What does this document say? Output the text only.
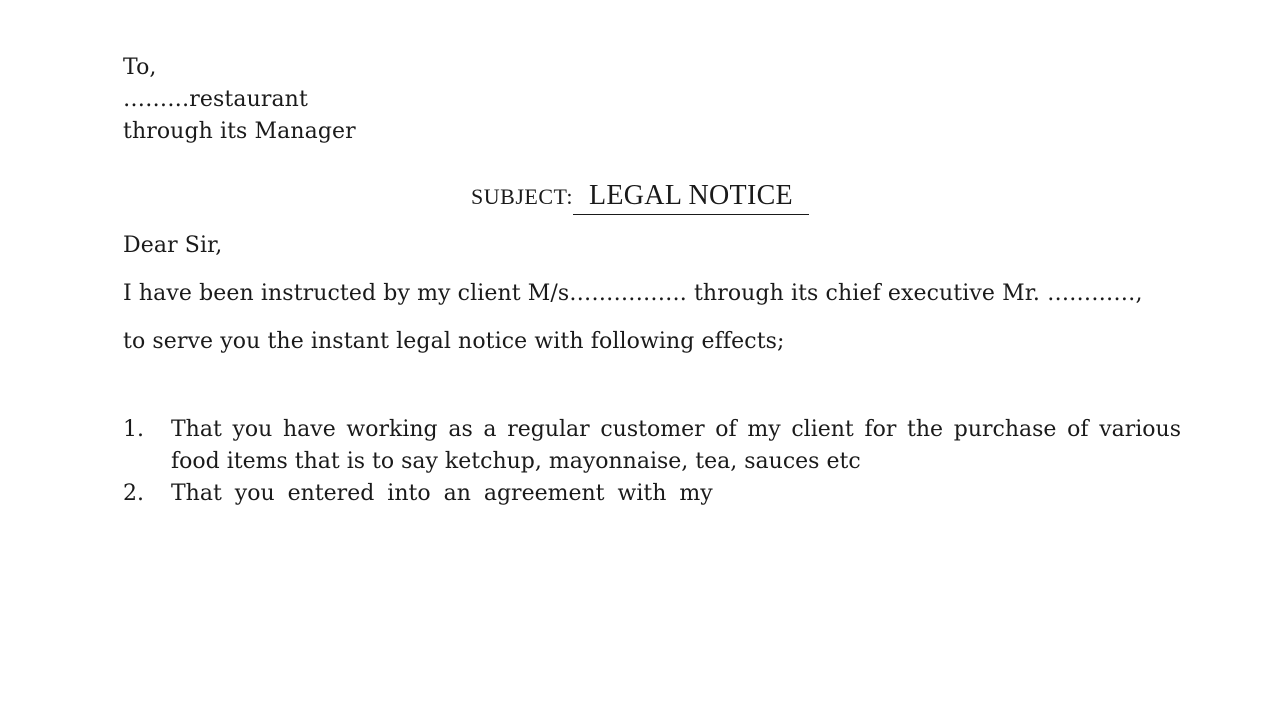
To,
………restaurant
through its Manager
SUBJECT: LEGAL NOTICE
Dear Sir,
I have been instructed by my client M/s……………. through its chief executive Mr. …………,
to serve you the instant legal notice with following effects;
1. That you have working as a regular customer of my client for the purchase of various food items that is to say ketchup, mayonnaise, tea, sauces etc
2. That you entered into an agreement with my
